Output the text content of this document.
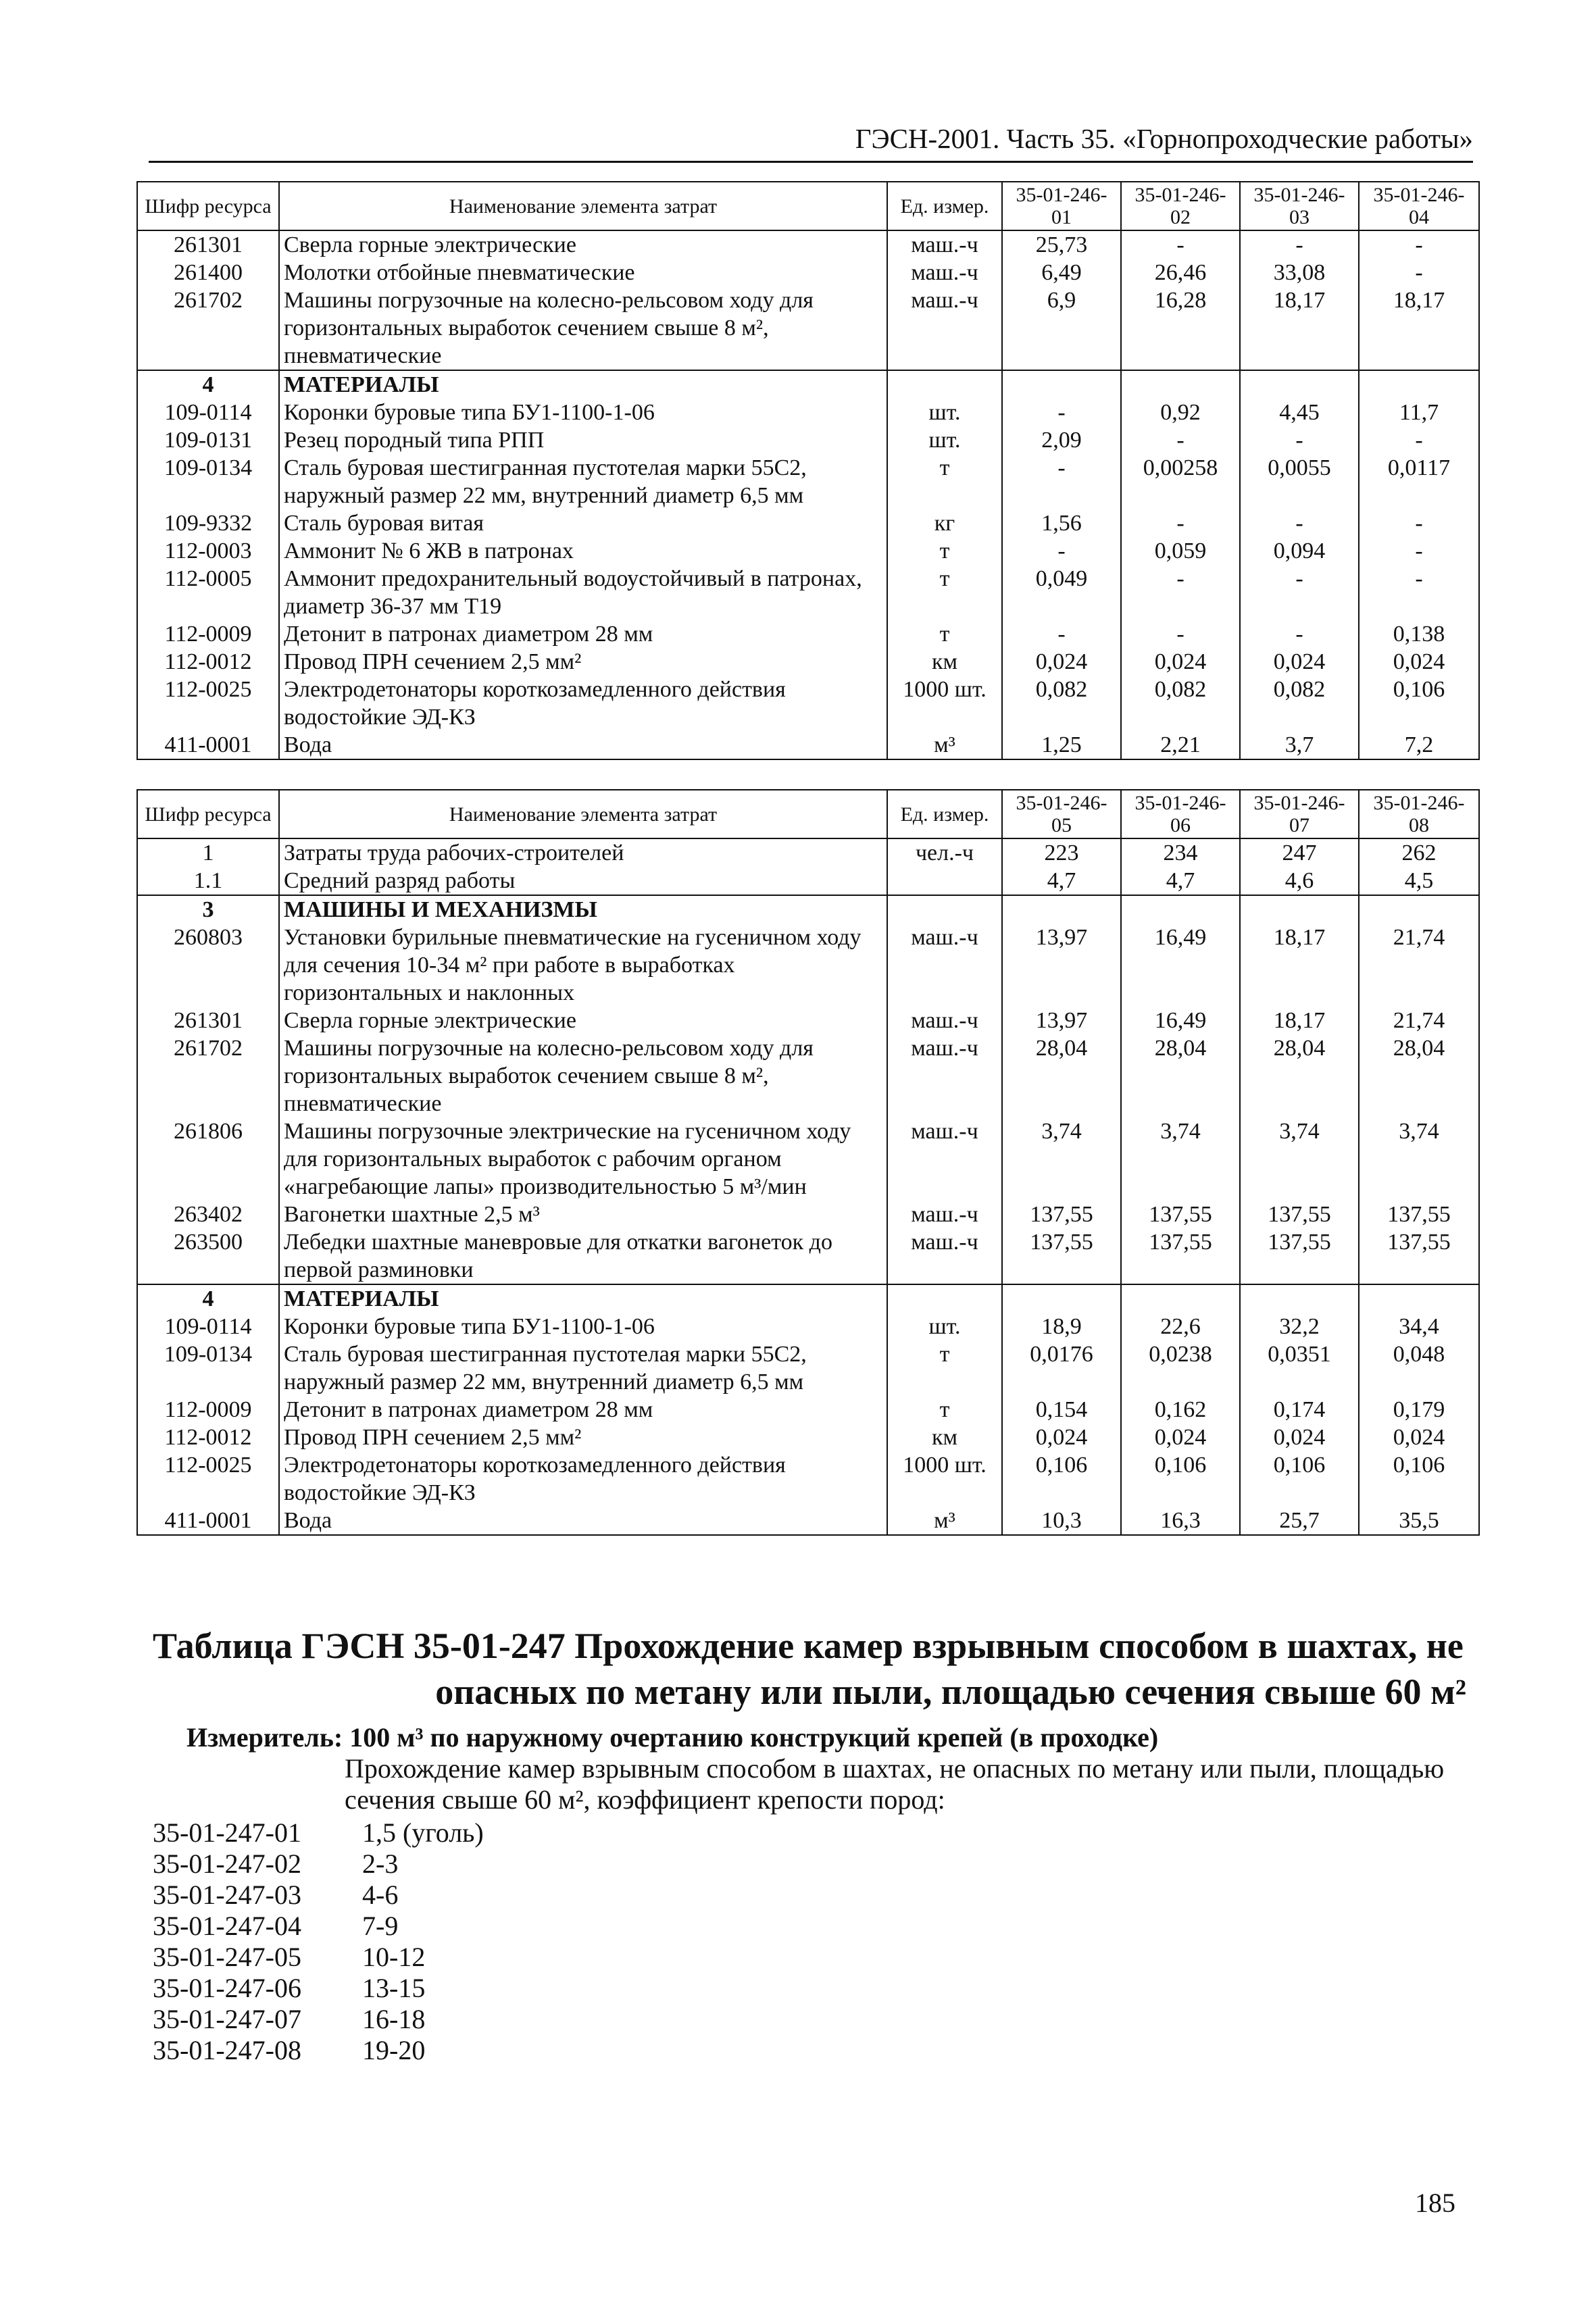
ГЭСН-2001. Часть 35. «Горнопроходческие работы»
Шифр ресурса	Наименование элемента затрат	Ед. измер.	35-01-246-01	35-01-246-02	35-01-246-03	35-01-246-04
261301	Сверла горные электрические	маш.-ч	25,73	-	-	-
261400	Молотки отбойные пневматические	маш.-ч	6,49	26,46	33,08	-
261702	Машины погрузочные на колесно-рельсовом ходу для горизонтальных выработок сечением свыше 8 м², пневматические	маш.-ч	6,9	16,28	18,17	18,17
4	МАТЕРИАЛЫ					
109-0114	Коронки буровые типа БУ1-1100-1-06	шт.	-	0,92	4,45	11,7
109-0131	Резец породный типа РПП	шт.	2,09	-	-	-
109-0134	Сталь буровая шестигранная пустотелая марки 55С2, наружный размер 22 мм, внутренний диаметр 6,5 мм	т	-	0,00258	0,0055	0,0117
109-9332	Сталь буровая витая	кг	1,56	-	-	-
112-0003	Аммонит № 6 ЖВ в патронах	т	-	0,059	0,094	-
112-0005	Аммонит предохранительный водоустойчивый в патронах, диаметр 36-37 мм Т19	т	0,049	-	-	-
112-0009	Детонит в патронах диаметром 28 мм	т	-	-	-	0,138
112-0012	Провод ПРН сечением 2,5 мм²	км	0,024	0,024	0,024	0,024
112-0025	Электродетонаторы короткозамедленного действия водостойкие ЭД-КЗ	1000 шт.	0,082	0,082	0,082	0,106
411-0001	Вода	м³	1,25	2,21	3,7	7,2
Шифр ресурса	Наименование элемента затрат	Ед. измер.	35-01-246-05	35-01-246-06	35-01-246-07	35-01-246-08
1	Затраты труда рабочих-строителей	чел.-ч	223	234	247	262
1.1	Средний разряд работы		4,7	4,7	4,6	4,5
3	МАШИНЫ И МЕХАНИЗМЫ					
260803	Установки бурильные пневматические на гусеничном ходу для сечения 10-34 м² при работе в выработках горизонтальных и наклонных	маш.-ч	13,97	16,49	18,17	21,74
261301	Сверла горные электрические	маш.-ч	13,97	16,49	18,17	21,74
261702	Машины погрузочные на колесно-рельсовом ходу для горизонтальных выработок сечением свыше 8 м², пневматические	маш.-ч	28,04	28,04	28,04	28,04
261806	Машины погрузочные электрические на гусеничном ходу для горизонтальных выработок с рабочим органом «нагребающие лапы» производительностью 5 м³/мин	маш.-ч	3,74	3,74	3,74	3,74
263402	Вагонетки шахтные 2,5 м³	маш.-ч	137,55	137,55	137,55	137,55
263500	Лебедки шахтные маневровые для откатки вагонеток до первой разминовки	маш.-ч	137,55	137,55	137,55	137,55
4	МАТЕРИАЛЫ					
109-0114	Коронки буровые типа БУ1-1100-1-06	шт.	18,9	22,6	32,2	34,4
109-0134	Сталь буровая шестигранная пустотелая марки 55С2, наружный размер 22 мм, внутренний диаметр 6,5 мм	т	0,0176	0,0238	0,0351	0,048
112-0009	Детонит в патронах диаметром 28 мм	т	0,154	0,162	0,174	0,179
112-0012	Провод ПРН сечением 2,5 мм²	км	0,024	0,024	0,024	0,024
112-0025	Электродетонаторы короткозамедленного действия водостойкие ЭД-КЗ	1000 шт.	0,106	0,106	0,106	0,106
411-0001	Вода	м³	10,3	16,3	25,7	35,5
Таблица ГЭСН 35-01-247 Прохождение камер взрывным способом в шахтах, не
опасных по метану или пыли, площадью сечения свыше 60 м²
Измеритель: 100 м³ по наружному очертанию конструкций крепей (в проходке)
Прохождение камер взрывным способом в шахтах, не опасных по метану или пыли, площадью сечения свыше 60 м², коэффициент крепости пород:
35-01-247-01	1,5 (уголь)
35-01-247-02	2-3
35-01-247-03	4-6
35-01-247-04	7-9
35-01-247-05	10-12
35-01-247-06	13-15
35-01-247-07	16-18
35-01-247-08	19-20
185
